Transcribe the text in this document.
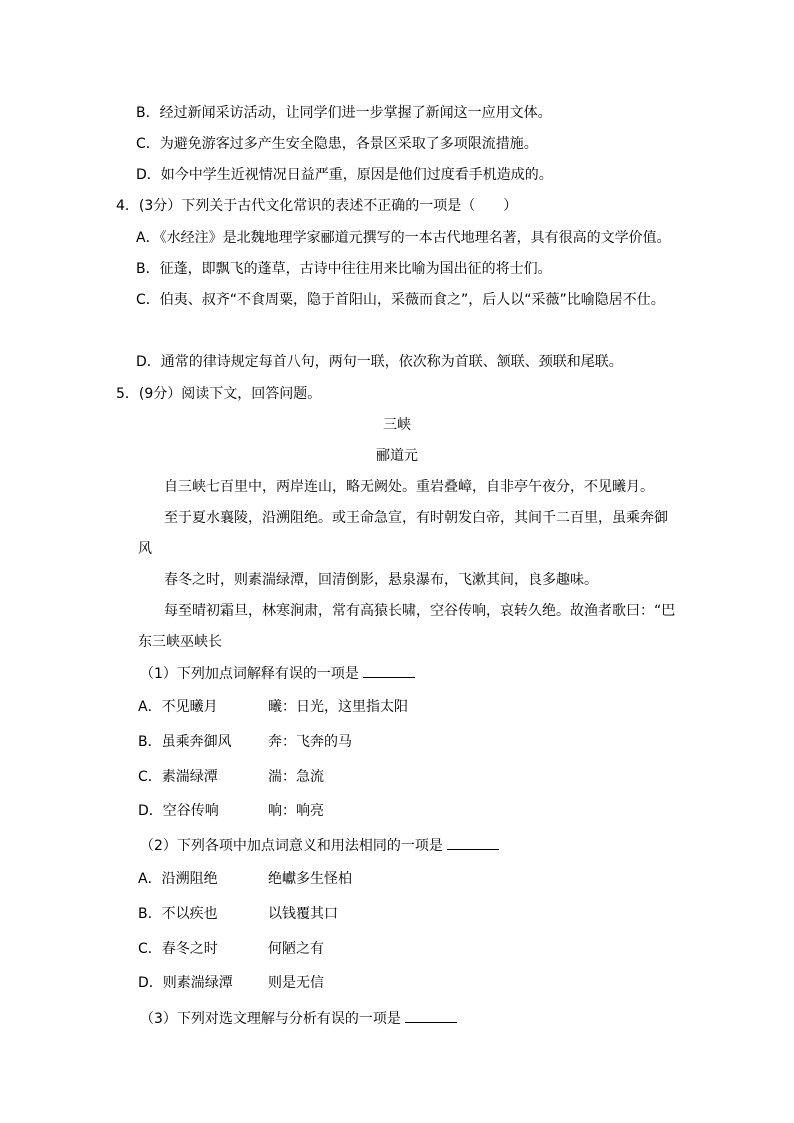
B．经过新闻采访活动，让同学们进一步掌握了新闻这一应用文体。
C．为避免游客过多产生安全隐患，各景区采取了多项限流措施。
D．如今中学生近视情况日益严重，原因是他们过度看手机造成的。
4．(3分）下列关于古代文化常识的表述不正确的一项是（　　）
A．《水经注》是北魏地理学家郦道元撰写的一本古代地理名著，具有很高的文学价值。
B．征蓬，即飘飞的蓬草，古诗中往往用来比喻为国出征的将士们。
C．伯夷、叔齐“不食周粟，隐于首阳山，采薇而食之”，后人以“采薇”比喻隐居不仕。
D．通常的律诗规定每首八句，两句一联，依次称为首联、颔联、颈联和尾联。
5．(9分）阅读下文，回答问题。
三峡
郦道元
自三峡七百里中，两岸连山，略无阙处。重岩叠嶂，自非亭午夜分，不见曦月。
至于夏水襄陵，沿溯阻绝。或王命急宣，有时朝发白帝，其间千二百里，虽乘奔御
风
春冬之时，则素湍绿潭，回清倒影，悬泉瀑布，飞漱其间，良多趣味。
每至晴初霜旦，林寒涧肃，常有高猿长啸，空谷传响，哀转久绝。故渔者歌曰：“巴
东三峡巫峡长
（1）下列加点词解释有误的一项是
A．不见曦月	曦：日光，这里指太阳
B．虽乘奔御风	奔：飞奔的马
C．素湍绿潭	湍：急流
D．空谷传响	响：响亮
（2）下列各项中加点词意义和用法相同的一项是
A．沿溯阻绝	绝巘多生怪柏
B．不以疾也	以钱覆其口
C．春冬之时	何陋之有
D．则素湍绿潭	则是无信
（3）下列对选文理解与分析有误的一项是
